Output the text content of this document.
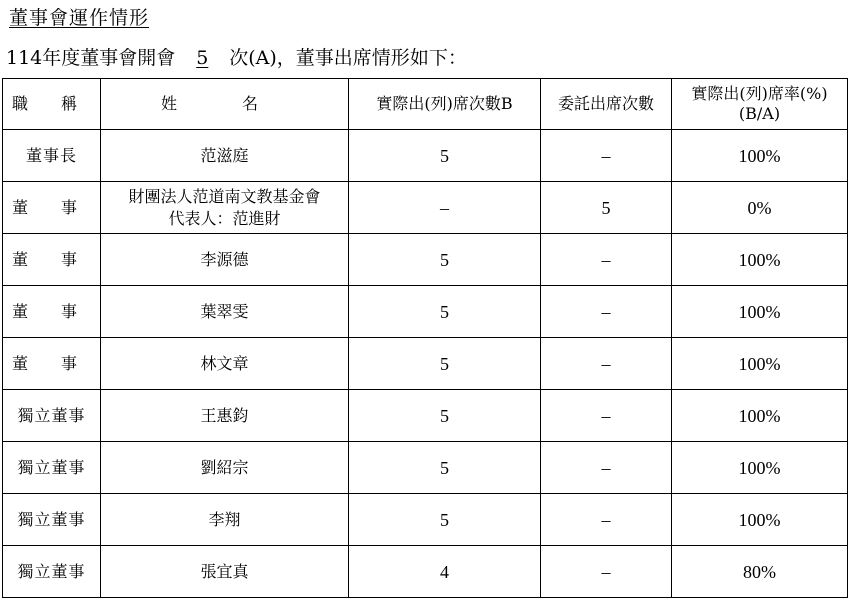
董事會運作情形
114年度董事會開會 5 次(A)，董事出席情形如下：
職 稱	姓 名	實際出(列)席次數B	委託出席次數	實際出(列)席率(%)
(B/A)

董事長	范滋庭	5	–	100%
董 事	財團法人范道南文教基金會
代表人：范進財	–	5	0%
董 事	李源德	5	–	100%
董 事	葉翠雯	5	–	100%
董 事	林文章	5	–	100%
獨立董事	王惠鈞	5	–	100%
獨立董事	劉紹宗	5	–	100%
獨立董事	李翔	5	–	100%
獨立董事	張宜真	4	–	80%
